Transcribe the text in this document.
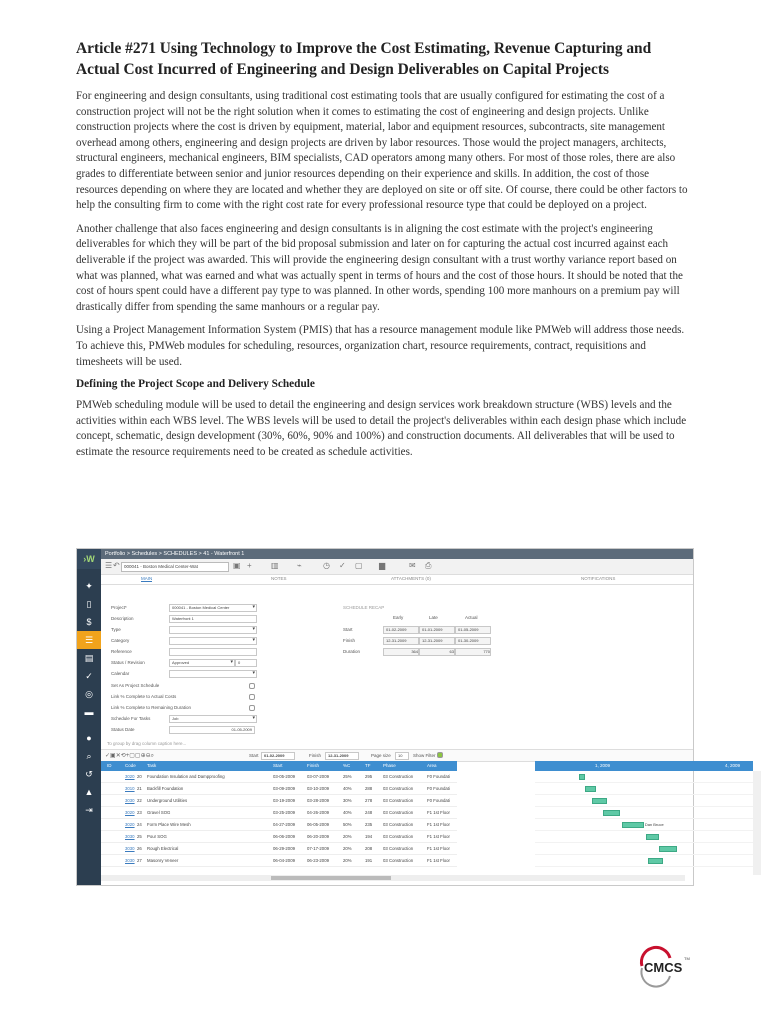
Article #271 Using Technology to Improve the Cost Estimating, Revenue Capturing and Actual Cost Incurred of Engineering and Design Deliverables on Capital Projects

For engineering and design consultants, using traditional cost estimating tools that are usually configured for estimating the cost of a construction project will not be the right solution when it comes to estimating the cost of engineering and design projects. Unlike construction projects where the cost is driven by equipment, material, labor and equipment resources, subcontracts, site management overhead among others, engineering and design projects are driven by labor resources. Those would the project managers, architects, structural engineers, mechanical engineers, BIM specialists, CAD operators among many others. For most of those roles, there are also grades to differentiate between senior and junior resources depending on their experience and skills. In addition, the cost of those resources depending on where they are located and whether they are deployed on site or off site. Of course, there could be other factors to help the consulting firm to come with the right cost rate for every professional resource type that could be deployed on a project.

Another challenge that also faces engineering and design consultants is in aligning the cost estimate with the project's engineering deliverables for which they will be part of the bid proposal submission and later on for capturing the actual cost incurred against each deliverable if the project was awarded. This will provide the engineering design consultant with a trust worthy variance report based on what was planned, what was earned and what was actually spent in terms of hours and the cost of those hours. It should be noted that the cost of hours spent could have a different pay type to was planned. In other words, spending 100 more manhours on a premium pay will drastically differ from spending the same manhours or a regular pay.

Using a Project Management Information System (PMIS) that has a resource management module like PMWeb will address those needs. To achieve this, PMWeb modules for scheduling, resources, organization chart, resource requirements, contract, requisitions and timesheets will be used.

Defining the Project Scope and Delivery Schedule

PMWeb scheduling module will be used to detail the engineering and design services work breakdown structure (WBS) levels and the activities within each WBS level. The WBS levels will be used to detail the project's deliverables within each design phase which include concept, schematic, design development (30%, 60%, 90% and 100%) and construction documents. All deliverables that will be used to estimate the resource requirements need to be created as schedule activities.

›W
✦
▯
$
☰
▤
✓
◎
▬
●
⌕
↺
▲
⇥
Portfolio > Schedules > SCHEDULES > 41 - Waterfront 1
☰ ↶ 000041 - Boston Medical Center-Wat	▣ + ▥ ⌁	◷ ✓ ▢ ▆	✉ ⎙
MAIN	NOTES	ATTACHMENTS (0)	NOTIFICATIONS
Project*	000041 - Boston Medical Center ▾
Description	Waterfront 1
Type
▾
Category
▾
Reference
Status / Revision	Approved ▾	0
Calendar
▾
Set As Project Schedule
Link % Complete to Actual Costs
Link % Complete to Remaining Duration
Schedule For Tasks	Job ▾
Status Date	01-05-2009
SCHEDULE RECAP
Early	Late	Actual
Start	01-02-2009	01-01-2009	01-05-2009
Finish	12-31-2009	12-31-2009	01-30-2009
Duration	364	63	770
To group by drag column caption here...
✓▣✕⟲+▢▢⊕⊖⌕	Start	01-02-2009	Finish	12-31-2009	Page size	10	Show Filter
ID	Code Task	Start	Finish	%C	TF	Phase	Area	1, 2009	4, 2009
3020 20 Foundation Insulation and Dampproofing	03-05-2009	03-07-2009	25%	295	03 Construction	F0 Foundati
3010 21 Backfill Foundation	03-09-2009	03-10-2009	40%	288	03 Construction	F0 Foundati
3030 22 Underground Utilities	03-19-2009	03-28-2009	30%	278	03 Construction	F0 Foundati
3020 23 Gravel SOG	03-25-2009	04-26-2009	40%	248	03 Construction	F1 1st Floor
3020 24 Form Place Wire Mesh	04-27-2009	06-05-2009	50%	235	03 Construction	F1 1st Floor	Dan Bruce
3030 25 Pour SOG	06-06-2009	06-20-2009	20%	194	03 Construction	F1 1st Floor
3030 26 Rough Electrical	06-29-2009	07-17-2009	20%	208	03 Construction	F1 1st Floor
3030 27 Masonry Veneer	06-04-2009	06-23-2009	20%	191	03 Construction	F1 1st Floor
CMCS
TM
